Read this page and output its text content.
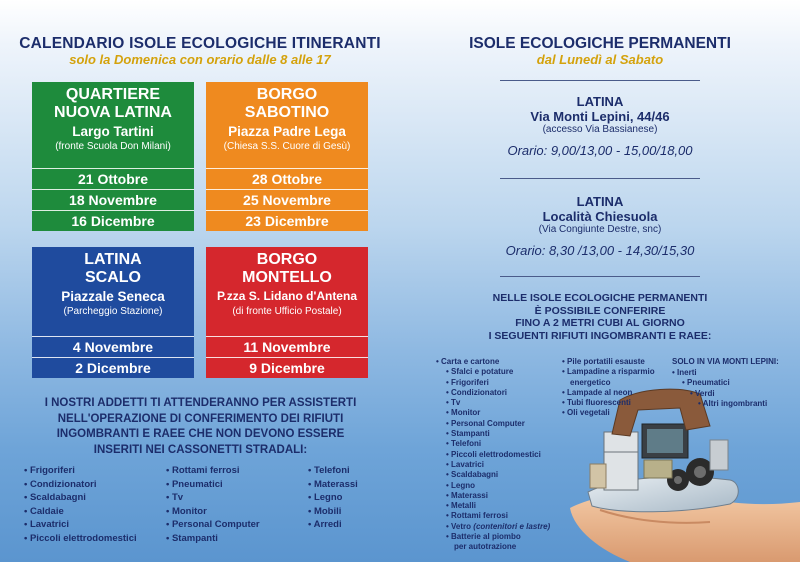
CALENDARIO ISOLE ECOLOGICHE ITINERANTI
solo la Domenica con orario dalle 8 alle 17
QUARTIERE
NUOVA LATINA
Largo Tartini
(fronte Scuola Don Milani)
21 Ottobre
18 Novembre
16 Dicembre
BORGO
SABOTINO
Piazza Padre Lega
(Chiesa S.S. Cuore di Gesù)
28 Ottobre
25 Novembre
23 Dicembre
LATINA
SCALO
Piazzale Seneca
(Parcheggio Stazione)
4 Novembre
2 Dicembre
BORGO
MONTELLO
P.zza S. Lidano d'Antena
(di fronte Ufficio Postale)
11 Novembre
9 Dicembre
I NOSTRI ADDETTI TI ATTENDERANNO PER ASSISTERTI
NELL'OPERAZIONE DI CONFERIMENTO DEI RIFIUTI
INGOMBRANTI E RAEE CHE NON DEVONO ESSERE
INSERITI NEI CASSONETTI STRADALI:
• Frigoriferi
• Condizionatori
• Scaldabagni
• Caldaie
• Lavatrici
• Piccoli elettrodomestici
• Rottami ferrosi
• Pneumatici
• Tv
• Monitor
• Personal Computer
• Stampanti
• Telefoni
• Materassi
• Legno
• Mobili
• Arredi
ISOLE ECOLOGICHE PERMANENTI
dal Lunedì al Sabato
LATINA
Via Monti Lepini, 44/46
(accesso Via Bassianese)
Orario: 9,00/13,00 - 15,00/18,00
LATINA
Località Chiesuola
(Via Congiunte Destre, snc)
Orario: 8,30 /13,00 - 14,30/15,30
NELLE ISOLE ECOLOGICHE PERMANENTI
È POSSIBILE CONFERIRE
FINO A 2 METRI CUBI AL GIORNO
I SEGUENTI RIFIUTI INGOMBRANTI E RAEE:
• Carta e cartone
• Sfalci e potature
• Frigoriferi
• Condizionatori
• Tv
• Monitor
• Personal Computer
• Stampanti
• Telefoni
• Piccoli elettrodomestici
• Lavatrici
• Scaldabagni
• Legno
• Materassi
• Metalli
• Rottami ferrosi
• Vetro (contenitori e lastre)
• Batterie al piombo
per autotrazione
• Pile portatili esauste
• Lampadine a risparmio
energetico
• Lampade al neon
• Tubi fluorescenti
• Oli vegetali
SOLO IN VIA MONTI LEPINI:
• Inerti
• Pneumatici
• Verdi
• Altri ingombranti
